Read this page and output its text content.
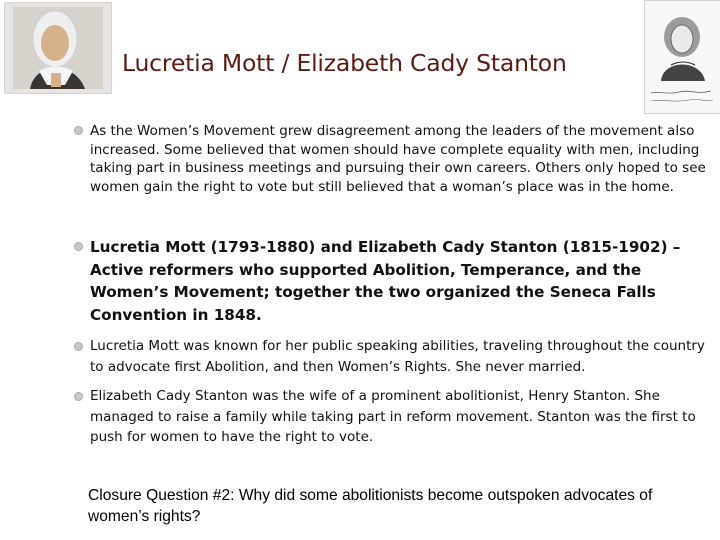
Lucretia Mott / Elizabeth Cady Stanton
As the Women’s Movement grew disagreement among the leaders of the movement also increased. Some believed that women should have complete equality with men, including taking part in business meetings and pursuing their own careers. Others only hoped to see women gain the right to vote but still believed that a woman’s place was in the home.
Lucretia Mott (1793-1880) and Elizabeth Cady Stanton (1815-1902) – Active reformers who supported Abolition, Temperance, and the Women’s Movement; together the two organized the Seneca Falls Convention in 1848.
Lucretia Mott was known for her public speaking abilities, traveling throughout the country to advocate first Abolition, and then Women’s Rights. She never married.
Elizabeth Cady Stanton was the wife of a prominent abolitionist, Henry Stanton. She managed to raise a family while taking part in reform movement. Stanton was the first to push for women to have the right to vote.
Closure Question #2: Why did some abolitionists become outspoken advocates of women’s rights?
